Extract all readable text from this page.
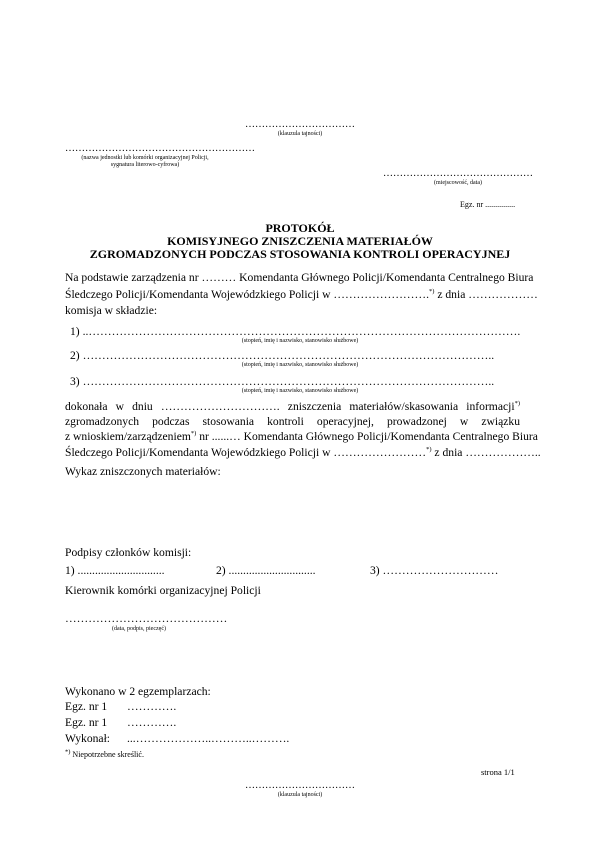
……………………………
(klauzula tajności)
…………………………………………………
(nazwa jednostki lub komórki organizacyjnej Policji,
sygnatura literowo-cyfrowa)
………………………………………
(miejscowość, data)
Egz. nr ...............
PROTOKÓŁ
KOMISYJNEGO ZNISZCZENIA MATERIAŁÓW
ZGROMADZONYCH PODCZAS STOSOWANIA KONTROLI OPERACYJNEJ
Na podstawie zarządzenia nr ……… Komendanta Głównego Policji/Komendanta Centralnego Biura
Śledczego Policji/Komendanta Wojewódzkiego Policji w …………………….*) z dnia ………………
komisja w składzie:
1) ..………………………………………………………………………………………………….
(stopień, imię i nazwisko, stanowisko służbowe)
2) ……………………………………………………………………………………………..
(stopień, imię i nazwisko, stanowisko służbowe)
3) ……………………………………………………………………………………………..
(stopień, imię i nazwisko, stanowisko służbowe)
dokonała w dniu …………………………. zniszczenia materiałów/skasowania informacji*)
zgromadzonych podczas stosowania kontroli operacyjnej, prowadzonej w związku
z wnioskiem/zarządzeniem*) nr ......… Komendanta Głównego Policji/Komendanta Centralnego Biura
Śledczego Policji/Komendanta Wojewódzkiego Policji w ……………………*) z dnia ………………..
Wykaz zniszczonych materiałów:
Podpisy członków komisji:
1) ..............................	2) ..............................	3) …………………………
Kierownik komórki organizacyjnej Policji
……………………………………
(data, podpis, pieczęć)
Wykonano w 2 egzemplarzach:
Egz. nr 1 ………….
Egz. nr 1 ………….
Wykonał: ...………………..………..……….
*) Niepotrzebne skreślić.
strona 1/1
……………………………
(klauzula tajności)
